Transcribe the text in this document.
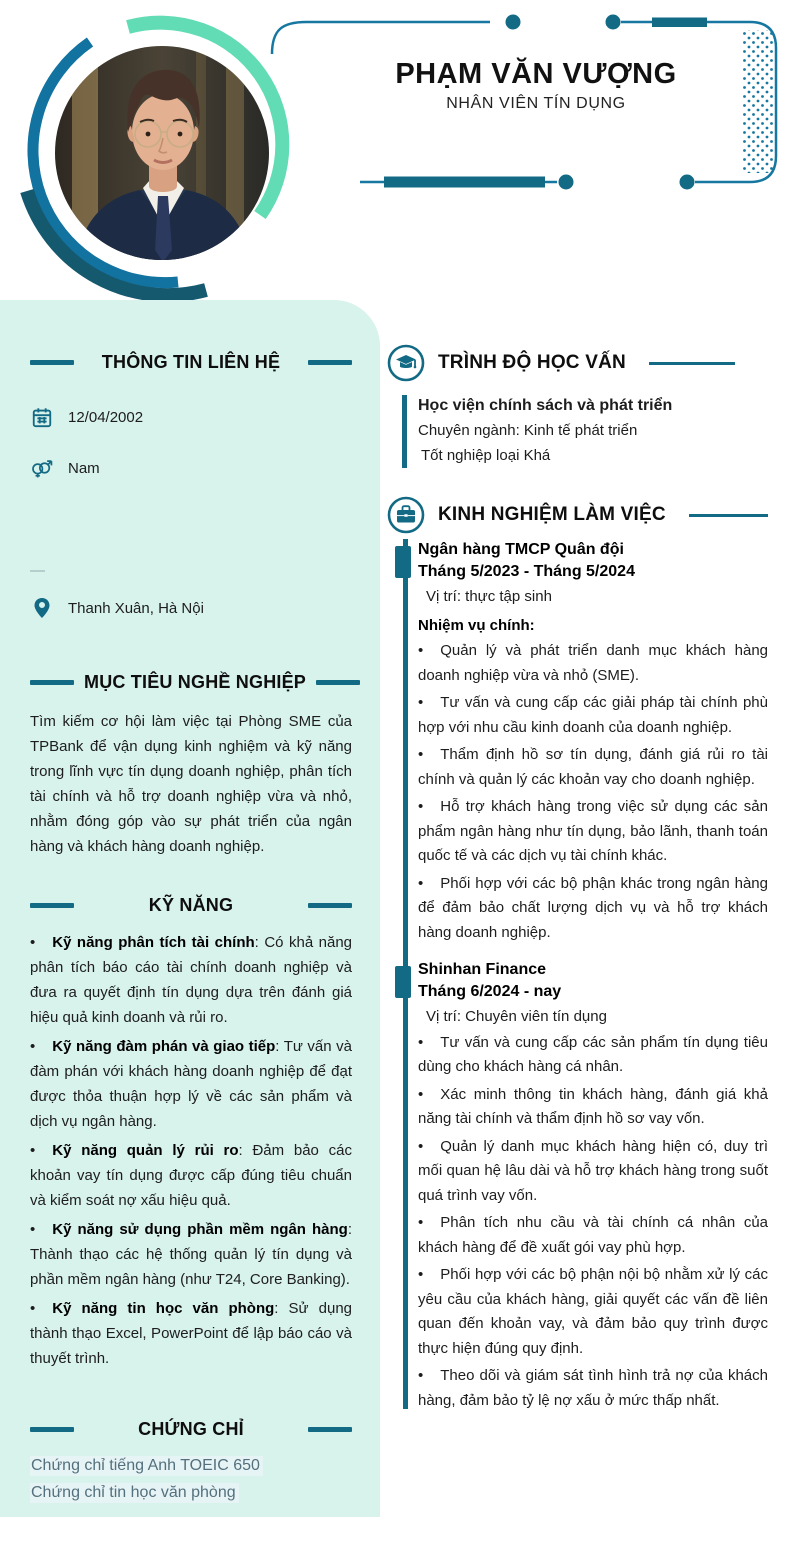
PHẠM VĂN VƯỢNG
NHÂN VIÊN TÍN DỤNG
THÔNG TIN LIÊN HỆ
12/04/2002
Nam
—
Thanh Xuân, Hà Nội
MỤC TIÊU NGHỀ NGHIỆP

Tìm kiếm cơ hội làm việc tại Phòng SME của TPBank để vận dụng kinh nghiệm và kỹ năng trong lĩnh vực tín dụng doanh nghiệp, phân tích tài chính và hỗ trợ doanh nghiệp vừa và nhỏ, nhằm đóng góp vào sự phát triển của ngân hàng và khách hàng doanh nghiệp.

KỸ NĂNG

• Kỹ năng phân tích tài chính: Có khả năng phân tích báo cáo tài chính doanh nghiệp và đưa ra quyết định tín dụng dựa trên đánh giá hiệu quả kinh doanh và rủi ro.

• Kỹ năng đàm phán và giao tiếp: Tư vấn và đàm phán với khách hàng doanh nghiệp để đạt được thỏa thuận hợp lý về các sản phẩm và dịch vụ ngân hàng.

• Kỹ năng quản lý rủi ro: Đảm bảo các khoản vay tín dụng được cấp đúng tiêu chuẩn và kiểm soát nợ xấu hiệu quả.

• Kỹ năng sử dụng phần mềm ngân hàng: Thành thạo các hệ thống quản lý tín dụng và phần mềm ngân hàng (như T24, Core Banking).

• Kỹ năng tin học văn phòng: Sử dụng thành thạo Excel, PowerPoint để lập báo cáo và thuyết trình.

CHỨNG CHỈ

Chứng chỉ tiếng Anh TOEIC 650

Chứng chỉ tin học văn phòng

TRÌNH ĐỘ HỌC VẤN
Học viện chính sách và phát triển
Chuyên ngành: Kinh tế phát triển
Tốt nghiệp loại Khá
KINH NGHIỆM LÀM VIỆC
Ngân hàng TMCP Quân đội
Tháng 5/2023 - Tháng 5/2024
Vị trí: thực tập sinh
Nhiệm vụ chính:

• Quản lý và phát triển danh mục khách hàng doanh nghiệp vừa và nhỏ (SME).

• Tư vấn và cung cấp các giải pháp tài chính phù hợp với nhu cầu kinh doanh của doanh nghiệp.

• Thẩm định hồ sơ tín dụng, đánh giá rủi ro tài chính và quản lý các khoản vay cho doanh nghiệp.

• Hỗ trợ khách hàng trong việc sử dụng các sản phẩm ngân hàng như tín dụng, bảo lãnh, thanh toán quốc tế và các dịch vụ tài chính khác.

• Phối hợp với các bộ phận khác trong ngân hàng để đảm bảo chất lượng dịch vụ và hỗ trợ khách hàng doanh nghiệp.

Shinhan Finance
Tháng 6/2024 - nay
Vị trí: Chuyên viên tín dụng

• Tư vấn và cung cấp các sản phẩm tín dụng tiêu dùng cho khách hàng cá nhân.

• Xác minh thông tin khách hàng, đánh giá khả năng tài chính và thẩm định hồ sơ vay vốn.

• Quản lý danh mục khách hàng hiện có, duy trì mối quan hệ lâu dài và hỗ trợ khách hàng trong suốt quá trình vay vốn.

• Phân tích nhu cầu và tài chính cá nhân của khách hàng để đề xuất gói vay phù hợp.

• Phối hợp với các bộ phận nội bộ nhằm xử lý các yêu cầu của khách hàng, giải quyết các vấn đề liên quan đến khoản vay, và đảm bảo quy trình được thực hiện đúng quy định.

• Theo dõi và giám sát tình hình trả nợ của khách hàng, đảm bảo tỷ lệ nợ xấu ở mức thấp nhất.
